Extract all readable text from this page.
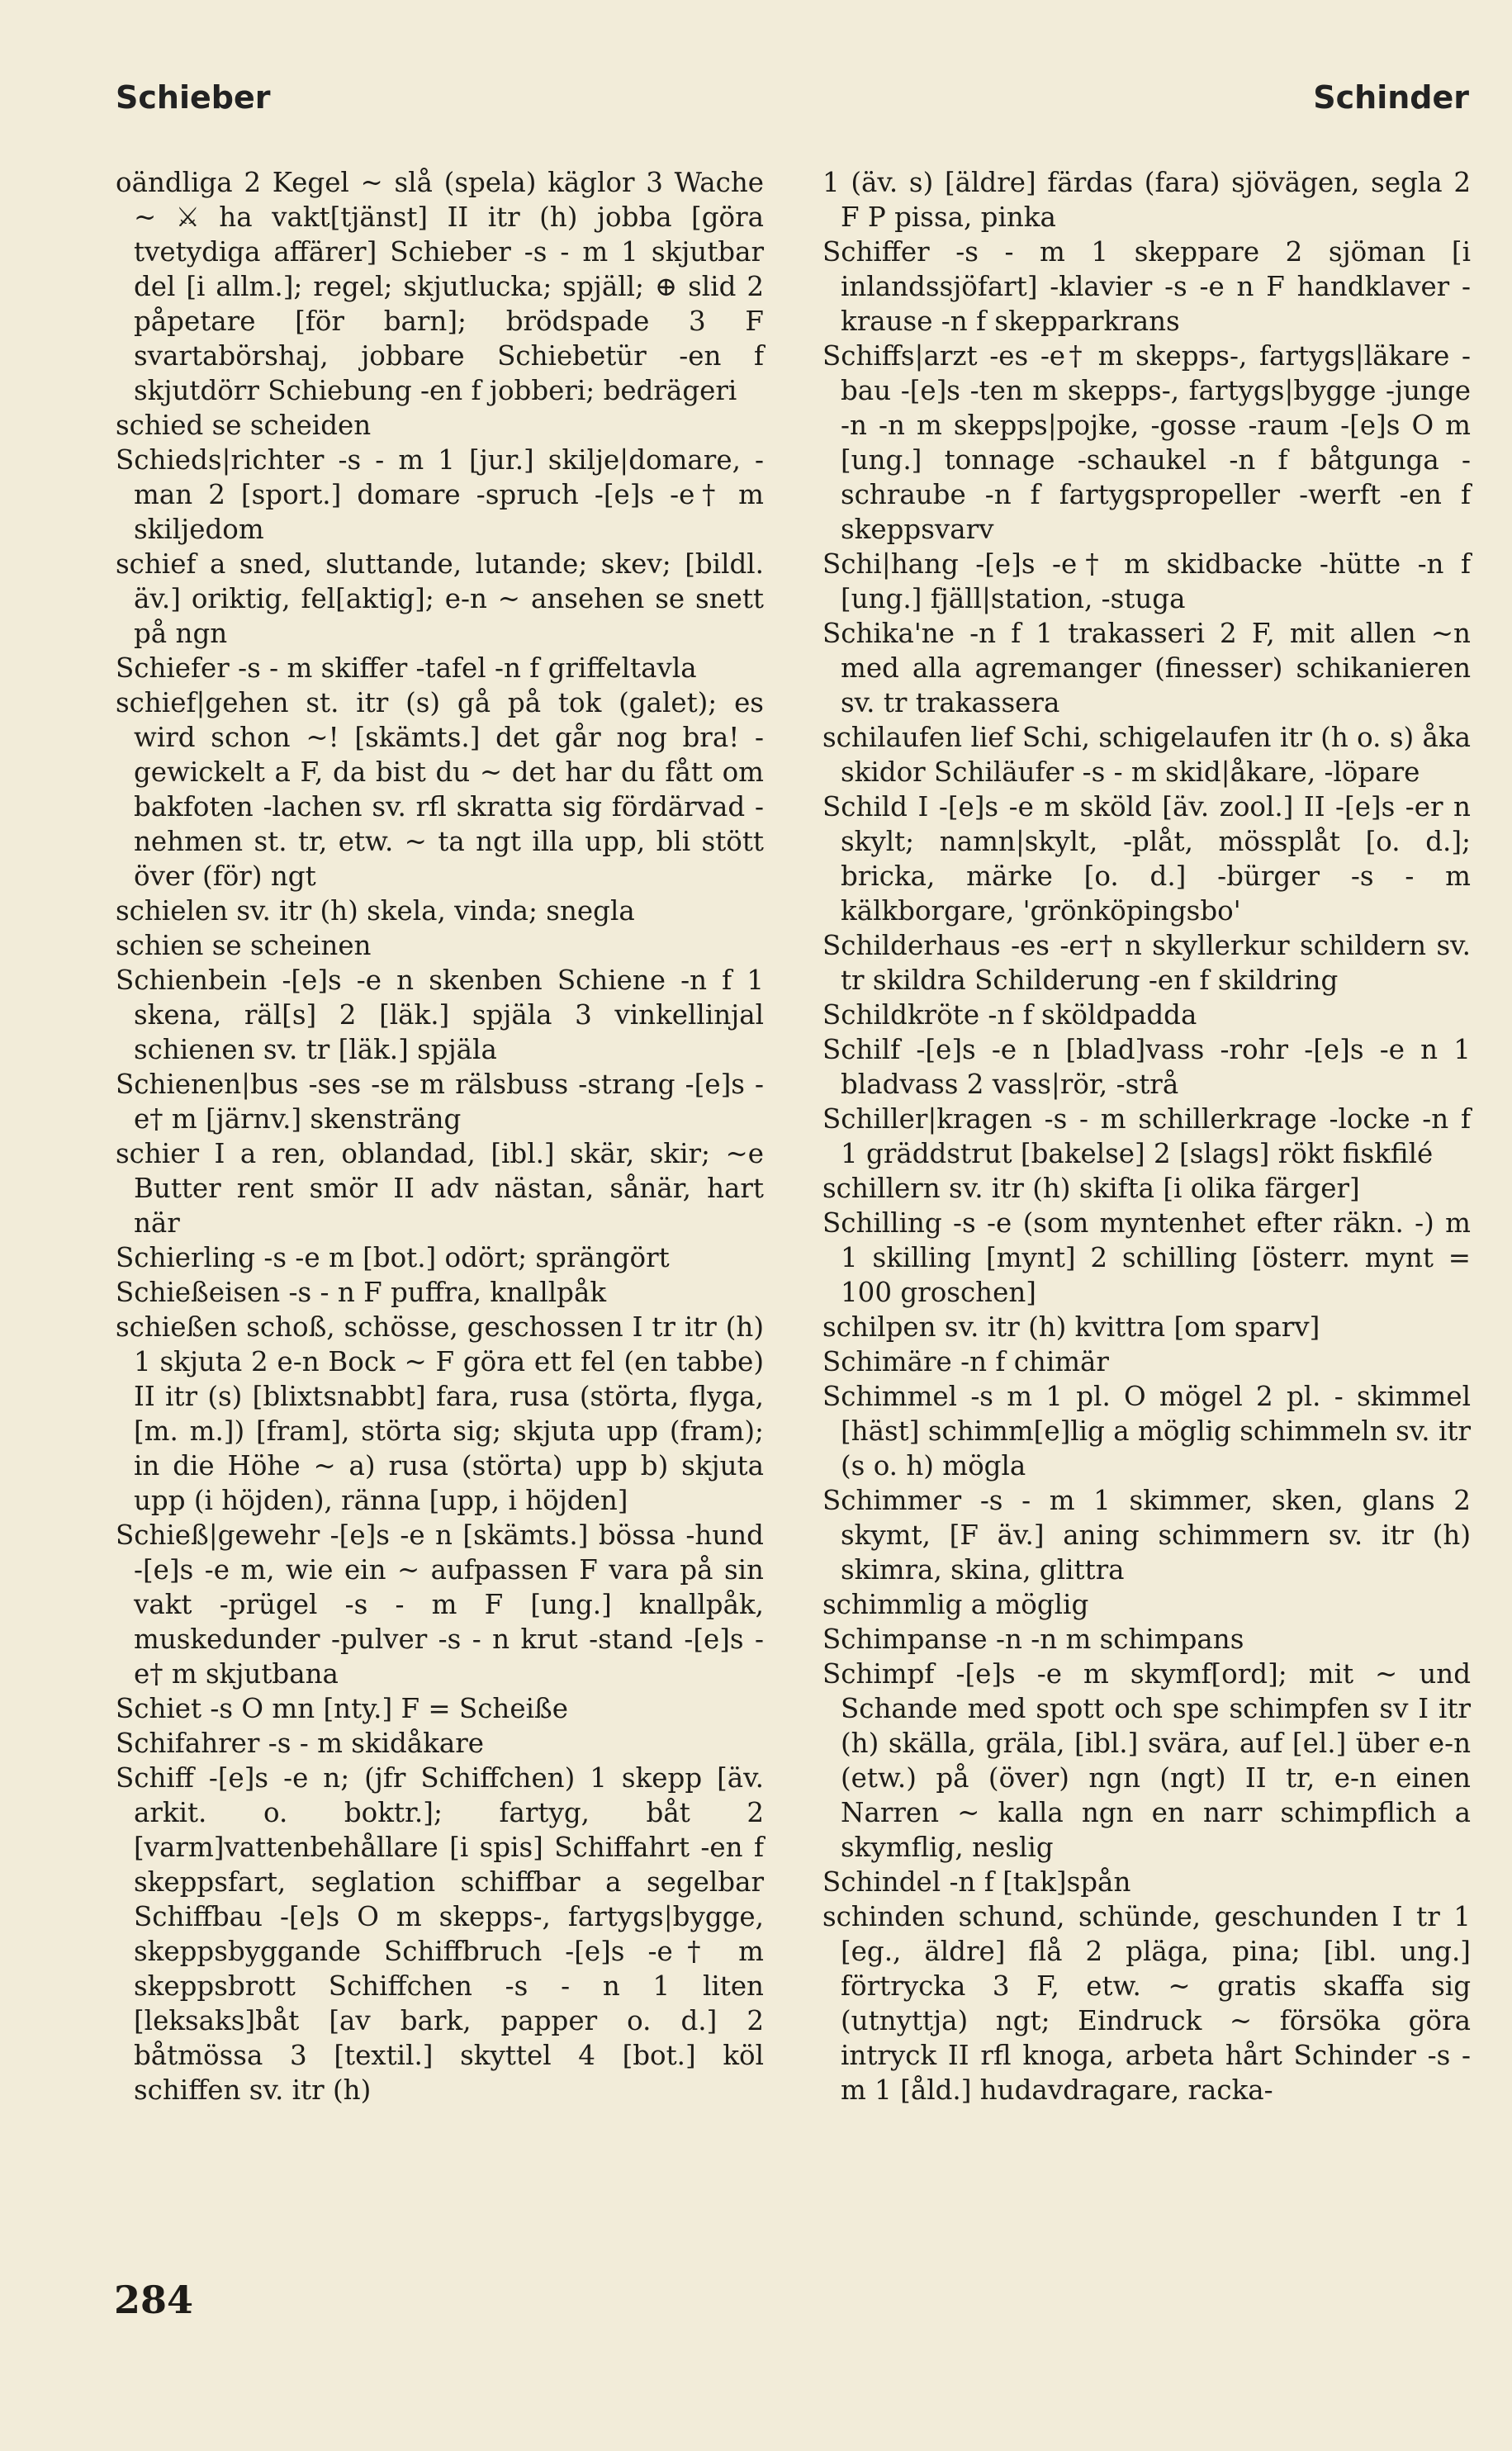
Schieber	Schinder

oändliga 2 Kegel ~ slå (spela) käglor 3 Wache ~ ⚔ ha vakt[tjänst] II itr (h) jobba [göra tvetydiga affärer] Schieber -s - m 1 skjutbar del [i allm.]; regel; skjutlucka; spjäll; ⊕ slid 2 påpetare [för barn]; brödspade 3 F svartabörshaj, jobbare Schiebetür -en f skjutdörr Schiebung -en f jobberi; bedrägeri

schied se scheiden

Schieds|richter -s - m 1 [jur.] skilje|domare, -man 2 [sport.] domare -spruch -[e]s -e† m skiljedom

schief a sned, sluttande, lutande; skev; [bildl. äv.] oriktig, fel[aktig]; e-n ~ ansehen se snett på ngn

Schiefer -s - m skiffer -tafel -n f griffeltavla

schief|gehen st. itr (s) gå på tok (galet); es wird schon ~! [skämts.] det går nog bra! -gewickelt a F, da bist du ~ det har du fått om bakfoten -lachen sv. rfl skratta sig fördärvad -nehmen st. tr, etw. ~ ta ngt illa upp, bli stött över (för) ngt

schielen sv. itr (h) skela, vinda; snegla

schien se scheinen

Schienbein -[e]s -e n skenben Schiene -n f 1 skena, räl[s] 2 [läk.] spjäla 3 vinkellinjal schienen sv. tr [läk.] spjäla

Schienen|bus -ses -se m rälsbuss -strang -[e]s -e† m [järnv.] skensträng

schier I a ren, oblandad, [ibl.] skär, skir; ~e Butter rent smör II adv nästan, sånär, hart när

Schierling -s -e m [bot.] odört; sprängört

Schießeisen -s - n F puffra, knallpåk

schießen schoß, schösse, geschossen I tr itr (h) 1 skjuta 2 e-n Bock ~ F göra ett fel (en tabbe) II itr (s) [blixtsnabbt] fara, rusa (störta, flyga, [m. m.]) [fram], störta sig; skjuta upp (fram); in die Höhe ~ a) rusa (störta) upp b) skjuta upp (i höjden), ränna [upp, i höjden]

Schieß|gewehr -[e]s -e n [skämts.] bössa -hund -[e]s -e m, wie ein ~ aufpassen F vara på sin vakt -prügel -s - m F [ung.] knallpåk, muskedunder -pulver -s - n krut -stand -[e]s -e† m skjutbana

Schiet -s O mn [nty.] F = Scheiße

Schifahrer -s - m skidåkare

Schiff -[e]s -e n; (jfr Schiffchen) 1 skepp [äv. arkit. o. boktr.]; fartyg, båt 2 [varm]vattenbehållare [i spis] Schiffahrt -en f skeppsfart, seglation schiffbar a segelbar Schiffbau -[e]s O m skepps-, fartygs|bygge, skeppsbyggande Schiffbruch -[e]s -e† m skeppsbrott Schiffchen -s - n 1 liten [leksaks]båt [av bark, papper o. d.] 2 båtmössa 3 [textil.] skyttel 4 [bot.] köl schiffen sv. itr (h)

1 (äv. s) [äldre] färdas (fara) sjövägen, segla 2 F P pissa, pinka

Schiffer -s - m 1 skeppare 2 sjöman [i inlandssjöfart] -klavier -s -e n F handklaver -krause -n f skepparkrans

Schiffs|arzt -es -e† m skepps-, fartygs|läkare -bau -[e]s -ten m skepps-, fartygs|bygge -junge -n -n m skepps|pojke, -gosse -raum -[e]s O m [ung.] tonnage -schaukel -n f båtgunga -schraube -n f fartygspropeller -werft -en f skeppsvarv

Schi|hang -[e]s -e† m skidbacke -hütte -n f [ung.] fjäll|station, -stuga

Schika'ne -n f 1 trakasseri 2 F, mit allen ~n med alla agremanger (finesser) schikanieren sv. tr trakassera

schilaufen lief Schi, schigelaufen itr (h o. s) åka skidor Schiläufer -s - m skid|åkare, -löpare

Schild I -[e]s -e m sköld [äv. zool.] II -[e]s -er n skylt; namn|skylt, -plåt, mössplåt [o. d.]; bricka, märke [o. d.] -bürger -s - m kälkborgare, 'grönköpingsbo'

Schilderhaus -es -er† n skyllerkur schildern sv. tr skildra Schilderung -en f skildring

Schildkröte -n f sköldpadda

Schilf -[e]s -e n [blad]vass -rohr -[e]s -e n 1 bladvass 2 vass|rör, -strå

Schiller|kragen -s - m schillerkrage -locke -n f 1 gräddstrut [bakelse] 2 [slags] rökt fiskfilé

schillern sv. itr (h) skifta [i olika färger]

Schilling -s -e (som myntenhet efter räkn. -) m 1 skilling [mynt] 2 schilling [österr. mynt = 100 groschen]

schilpen sv. itr (h) kvittra [om sparv]

Schimäre -n f chimär

Schimmel -s m 1 pl. O mögel 2 pl. - skimmel [häst] schimm[e]lig a möglig schimmeln sv. itr (s o. h) mögla

Schimmer -s - m 1 skimmer, sken, glans 2 skymt, [F äv.] aning schimmern sv. itr (h) skimra, skina, glittra

schimmlig a möglig

Schimpanse -n -n m schimpans

Schimpf -[e]s -e m skymf[ord]; mit ~ und Schande med spott och spe schimpfen sv I itr (h) skälla, gräla, [ibl.] svära, auf [el.] über e-n (etw.) på (över) ngn (ngt) II tr, e-n einen Narren ~ kalla ngn en narr schimpflich a skymflig, neslig

Schindel -n f [tak]spån

schinden schund, schünde, geschunden I tr 1 [eg., äldre] flå 2 pläga, pina; [ibl. ung.] förtrycka 3 F, etw. ~ gratis skaffa sig (utnyttja) ngt; Eindruck ~ försöka göra intryck II rfl knoga, arbeta hårt Schinder -s - m 1 [åld.] hudavdragare, racka-

284
